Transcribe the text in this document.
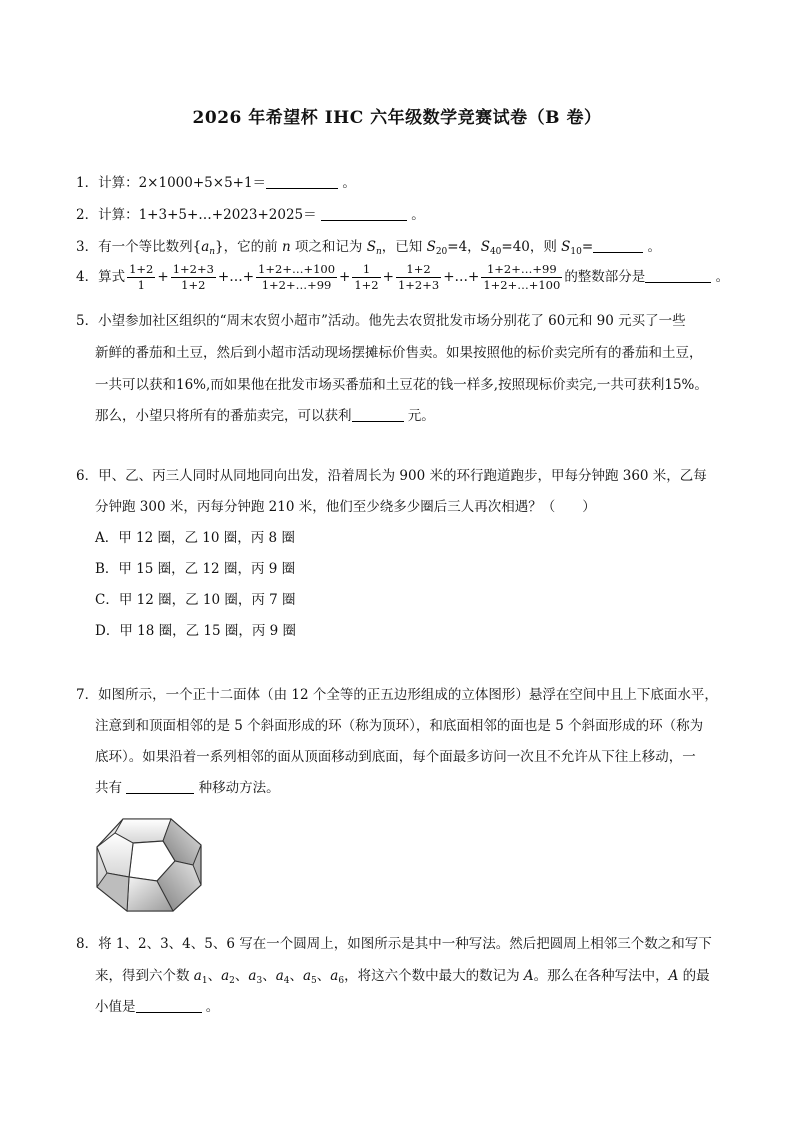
2026 年希望杯 IHC 六年级数学竞赛试卷（B 卷）
1．计算：2×1000+5×5+1＝	。
2．计算：1+3+5+…+2023+2025＝	。
3．有一个等比数列$\{a_n\}$，它的前 n 项之和记为 $S_n$，已知 $S_{20}=4$，$S_{40}=40$，则 $S_{10}=$	。
4．算式 $\frac{1+2}{1} + \frac{1+2+3}{1+2}$ +…+ $\frac{1+2+\dots+100}{1+2+\dots+99} + \frac{1}{1+2} + \frac{1+2}{1+2+3}$ +…+ $\frac{1+2+\dots+99}{1+2+\dots+100}$ 的整数部分是	。
5．小望参加社区组织的“周末农贸小超市”活动。他先去农贸批发市场分别花了 60元和 90 元买了一些
新鲜的番茄和土豆，然后到小超市活动现场摆摊标价售卖。如果按照他的标价卖完所有的番茄和土豆，
一共可以获和16%,而如果他在批发市场买番茄和土豆花的钱一样多,按照现标价卖完,一共可获利15%。
那么，小望只将所有的番茄卖完，可以获利	元。
6．甲、乙、丙三人同时从同地同向出发，沿着周长为 900 米的环行跑道跑步，甲每分钟跑 360 米，乙每
分钟跑 300 米，丙每分钟跑 210 米，他们至少绕多少圈后三人再次相遇？（　　）
A．甲 12 圈，乙 10 圈，丙 8 圈
B．甲 15 圈，乙 12 圈，丙 9 圈
C．甲 12 圈，乙 10 圈，丙 7 圈
D．甲 18 圈，乙 15 圈，丙 9 圈
7．如图所示，一个正十二面体（由 12 个全等的正五边形组成的立体图形）悬浮在空间中且上下底面水平，
注意到和顶面相邻的是 5 个斜面形成的环（称为顶环），和底面相邻的面也是 5 个斜面形成的环（称为
底环）。如果沿着一系列相邻的面从顶面移动到底面，每个面最多访问一次且不允许从下往上移动，一
共有	种移动方法。
8．将 1、2、3、4、5、6 写在一个圆周上，如图所示是其中一种写法。然后把圆周上相邻三个数之和写下
来，得到六个数 $a_1$、$a_2$、$a_3$、$a_4$、$a_5$、$a_6$，将这六个数中最大的数记为 A。那么在各种写法中，A 的最
小值是	。
